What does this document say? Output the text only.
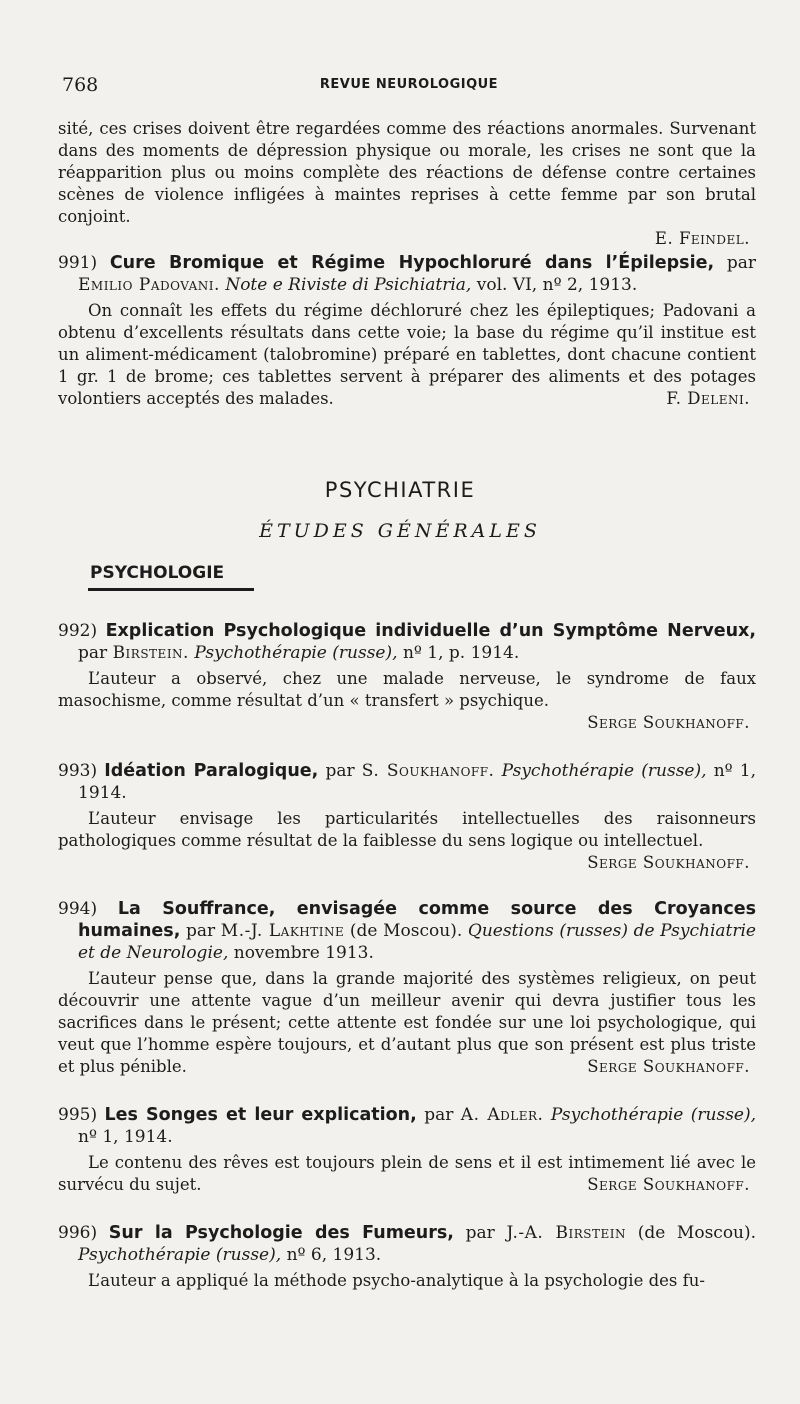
768	REVUE NEUROLOGIQUE

sité, ces crises doivent être regardées comme des réactions anormales. Survenant dans des moments de dépression physique ou morale, les crises ne sont que la réapparition plus ou moins complète des réactions de défense contre certaines scènes de violence infligées à maintes reprises à cette femme par son brutal conjoint.

E. Feindel.

991) Cure Bromique et Régime Hypochloruré dans l’Épilepsie, par Emilio Padovani. Note e Riviste di Psichiatria, vol. VI, nº 2, 1913.

On connaît les effets du régime déchloruré chez les épileptiques; Padovani a obtenu d’excellents résultats dans cette voie; la base du régime qu’il institue est un aliment-médicament (talobromine) préparé en tablettes, dont chacune contient 1 gr. 1 de brome; ces tablettes servent à préparer des aliments et des potages volontiers acceptés des malades.	F. Deleni.

PSYCHIATRIE
ÉTUDES GÉNÉRALES
PSYCHOLOGIE

992) Explication Psychologique individuelle d’un Symptôme Nerveux, par Birstein. Psychothérapie (russe), nº 1, p. 1914.

L’auteur a observé, chez une malade nerveuse, le syndrome de faux masochisme, comme résultat d’un « transfert » psychique.

Serge Soukhanoff.

993) Idéation Paralogique, par S. Soukhanoff. Psychothérapie (russe), nº 1, 1914.

L’auteur envisage les particularités intellectuelles des raisonneurs pathologiques comme résultat de la faiblesse du sens logique ou intellectuel.

Serge Soukhanoff.

994) La Souffrance, envisagée comme source des Croyances humaines, par M.-J. Lakhtine (de Moscou). Questions (russes) de Psychiatrie et de Neurologie, novembre 1913.

L’auteur pense que, dans la grande majorité des systèmes religieux, on peut découvrir une attente vague d’un meilleur avenir qui devra justifier tous les sacrifices dans le présent; cette attente est fondée sur une loi psychologique, qui veut que l’homme espère toujours, et d’autant plus que son présent est plus triste et plus pénible.	Serge Soukhanoff.

995) Les Songes et leur explication, par A. Adler. Psychothérapie (russe), nº 1, 1914.

Le contenu des rêves est toujours plein de sens et il est intimement lié avec le survécu du sujet.	Serge Soukhanoff.

996) Sur la Psychologie des Fumeurs, par J.-A. Birstein (de Moscou). Psychothérapie (russe), nº 6, 1913.

L’auteur a appliqué la méthode psycho-analytique à la psychologie des fu-
